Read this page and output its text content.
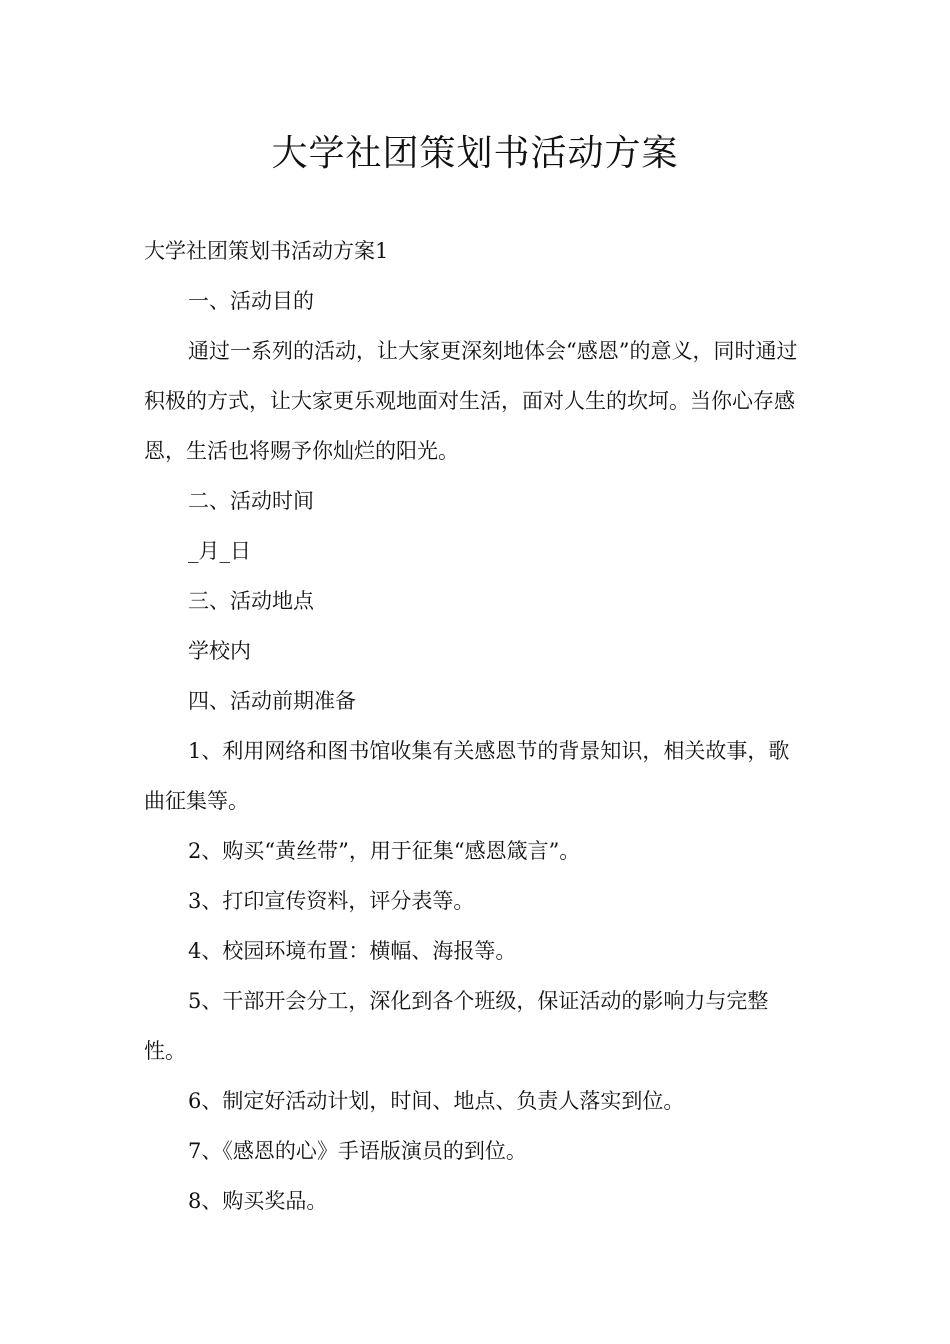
大学社团策划书活动方案

大学社团策划书活动方案1

一、活动目的

通过一系列的活动，让大家更深刻地体会“感恩”的意义，同时通过积极的方式，让大家更乐观地面对生活，面对人生的坎坷。当你心存感恩，生活也将赐予你灿烂的阳光。

二、活动时间

_月_日

三、活动地点

学校内

四、活动前期准备

1、利用网络和图书馆收集有关感恩节的背景知识，相关故事，歌曲征集等。

2、购买“黄丝带”，用于征集“感恩箴言”。

3、打印宣传资料，评分表等。

4、校园环境布置：横幅、海报等。

5、干部开会分工，深化到各个班级，保证活动的影响力与完整性。

6、制定好活动计划，时间、地点、负责人落实到位。

7、《感恩的心》手语版演员的到位。

8、购买奖品。
